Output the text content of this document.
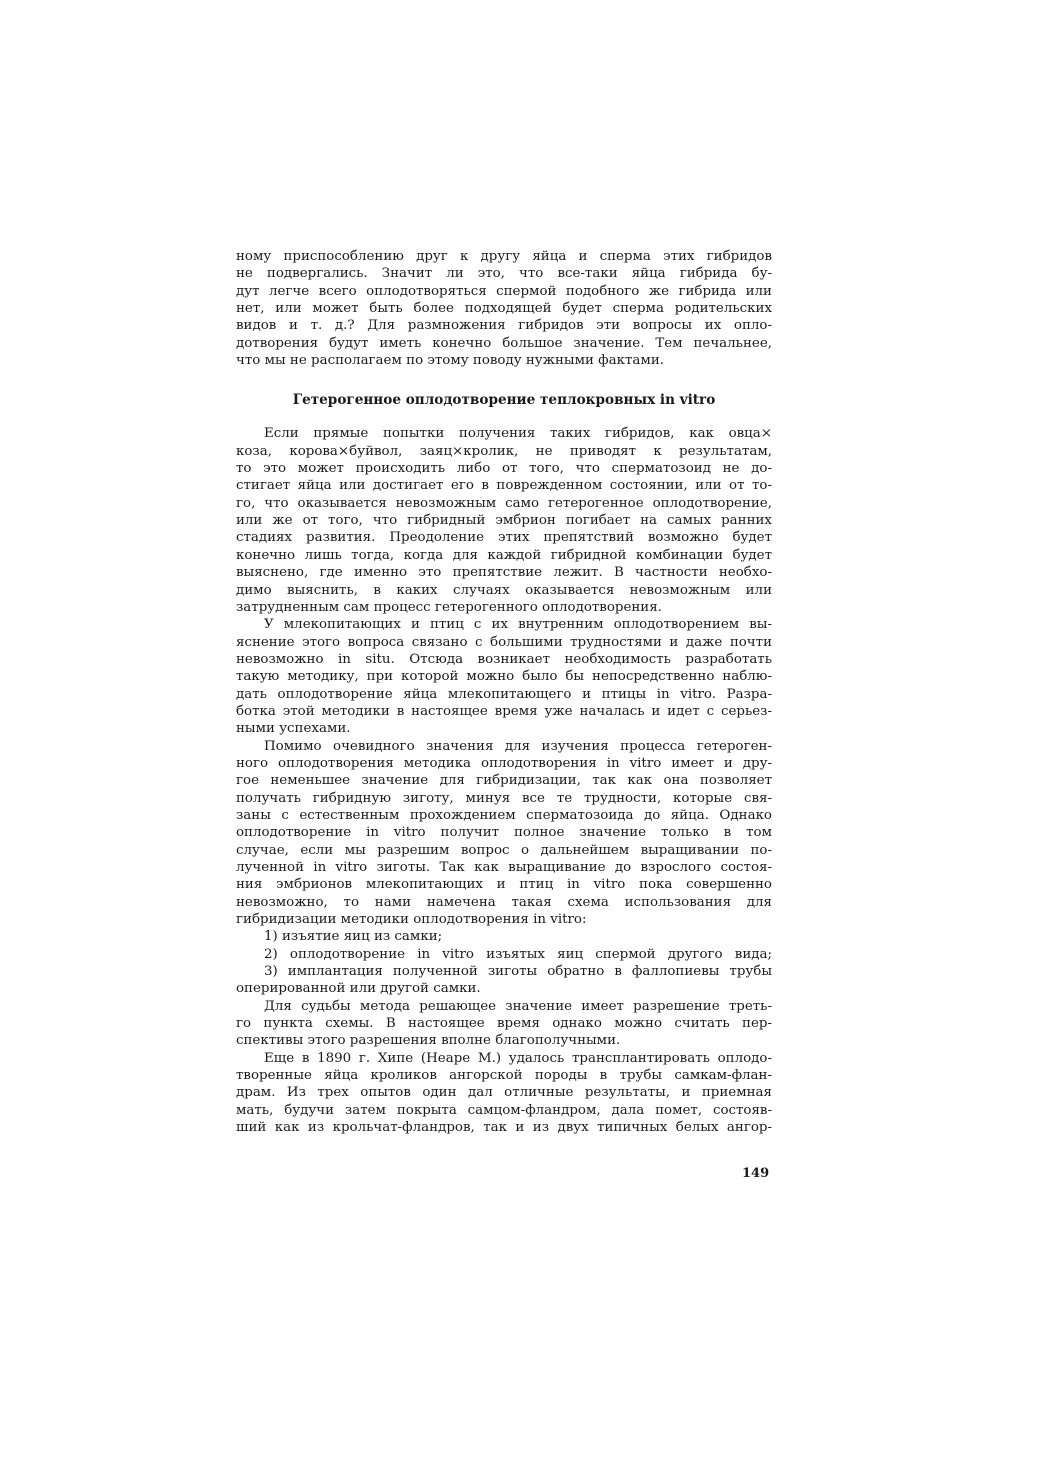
ному приспособлению друг к другу яйца и сперма этих гибридов
не подвергались. Значит ли это, что все-таки яйца гибрида бу-
дут легче всего оплодотворяться спермой подобного же гибрида или
нет, или может быть более подходящей будет сперма родительских
видов и т. д.? Для размножения гибридов эти вопросы их опло-
дотворения будут иметь конечно большое значение. Тем печальнее,
что мы не располагаем по этому поводу нужными фактами.
Гетерогенное оплодотворение теплокровных in vitro
Если прямые попытки получения таких гибридов, как овца×
коза, корова×буйвол, заяц×кролик, не приводят к результатам,
то это может происходить либо от того, что сперматозоид не до-
стигает яйца или достигает его в поврежденном состоянии, или от то-
го, что оказывается невозможным само гетерогенное оплодотворение,
или же от того, что гибридный эмбрион погибает на самых ранних
стадиях развития. Преодоление этих препятствий возможно будет
конечно лишь тогда, когда для каждой гибридной комбинации будет
выяснено, где именно это препятствие лежит. В частности необхо-
димо выяснить, в каких случаях оказывается невозможным или
затрудненным сам процесс гетерогенного оплодотворения.
У млекопитающих и птиц с их внутренним оплодотворением вы-
яснение этого вопроса связано с большими трудностями и даже почти
невозможно in situ. Отсюда возникает необходимость разработать
такую методику, при которой можно было бы непосредственно наблю-
дать оплодотворение яйца млекопитающего и птицы in vitro. Разра-
ботка этой методики в настоящее время уже началась и идет с серьез-
ными успехами.
Помимо очевидного значения для изучения процесса гетероген-
ного оплодотворения методика оплодотворения in vitro имеет и дру-
гое неменьшее значение для гибридизации, так как она позволяет
получать гибридную зиготу, минуя все те трудности, которые свя-
заны с естественным прохождением сперматозоида до яйца. Однако
оплодотворение in vitro получит полное значение только в том
случае, если мы разрешим вопрос о дальнейшем выращивании по-
лученной in vitro зиготы. Так как выращивание до взрослого состоя-
ния эмбрионов млекопитающих и птиц in vitro пока совершенно
невозможно, то нами намечена такая схема использования для
гибридизации методики оплодотворения in vitro:
1) изъятие яиц из самки;
2) оплодотворение in vitro изъятых яиц спермой другого вида;
3) имплантация полученной зиготы обратно в фаллопиевы трубы
оперированной или другой самки.
Для судьбы метода решающее значение имеет разрешение треть-
го пункта схемы. В настоящее время однако можно считать пер-
спективы этого разрешения вполне благополучными.
Еще в 1890 г. Хипе (Heape M.) удалось трансплантировать оплодо-
творенные яйца кроликов ангорской породы в трубы самкам-флан-
драм. Из трех опытов один дал отличные результаты, и приемная
мать, будучи затем покрыта самцом-фландром, дала помет, состояв-
ший как из крольчат-фландров, так и из двух типичных белых ангор-
149
